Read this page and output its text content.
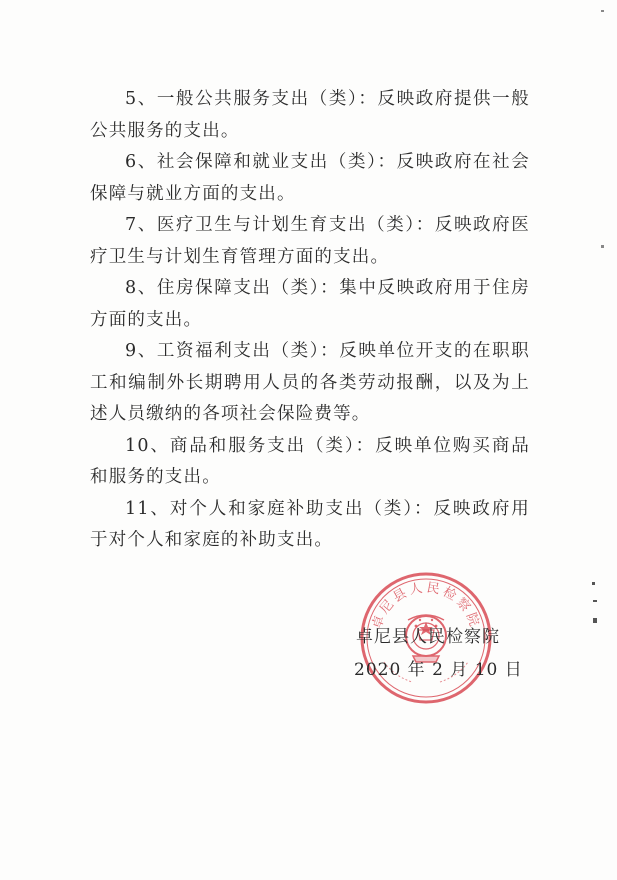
5、一般公共服务支出（类）：反映政府提供一般公共服务的支出。

6、社会保障和就业支出（类）：反映政府在社会保障与就业方面的支出。

7、医疗卫生与计划生育支出（类）：反映政府医疗卫生与计划生育管理方面的支出。

8、住房保障支出（类）：集中反映政府用于住房方面的支出。

9、工资福利支出（类）：反映单位开支的在职职工和编制外长期聘用人员的各类劳动报酬，以及为上述人员缴纳的各项社会保险费等。

10、商品和服务支出（类）：反映单位购买商品和服务的支出。

11、对个人和家庭补助支出（类）：反映政府用于对个人和家庭的补助支出。

卓尼县人民检察院
卓尼县人民检察院
2020 年 2 月 10 日
